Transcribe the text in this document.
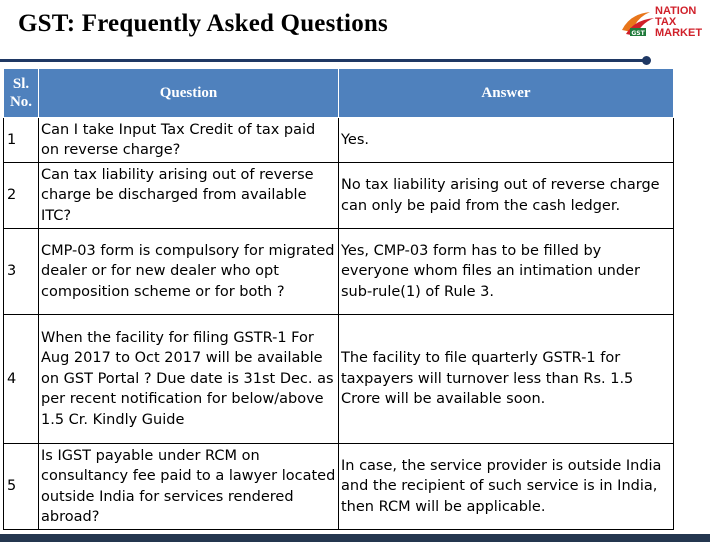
GST: Frequently Asked Questions	GST
NATION
TAX
MARKET
Sl. No.	Question	Answer
1	Can I take Input Tax Credit of tax paid on reverse charge?	Yes.
2	Can tax liability arising out of reverse charge be discharged from available ITC?	No tax liability arising out of reverse charge can only be paid from the cash ledger.
3	CMP-03 form is compulsory for migrated dealer or for new dealer who opt composition scheme or for both ?	Yes, CMP-03 form has to be filled by everyone whom files an intimation under sub-rule(1) of Rule 3.
4	When the facility for filing GSTR-1 For Aug 2017 to Oct 2017 will be available on GST Portal ? Due date is 31st Dec. as per recent notification for below/above 1.5 Cr. Kindly Guide	The facility to file quarterly GSTR-1 for taxpayers will turnover less than Rs. 1.5 Crore will be available soon.
5	Is IGST payable under RCM on consultancy fee paid to a lawyer located outside India for services rendered abroad?	In case, the service provider is outside India and the recipient of such service is in India, then RCM will be applicable.
